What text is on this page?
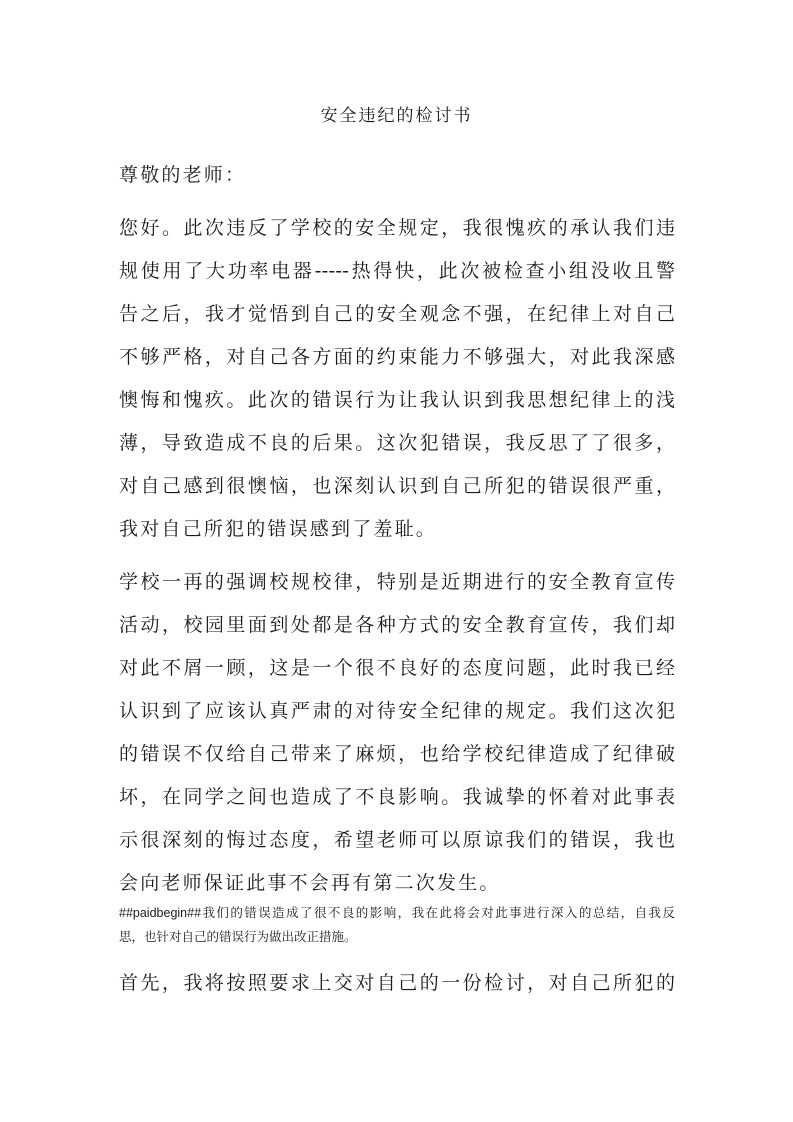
安全违纪的检讨书
尊敬的老师：
您好。此次违反了学校的安全规定，我很愧疚的承认我们违
规使用了大功率电器-----热得快，此次被检查小组没收且警
告之后，我才觉悟到自己的安全观念不强，在纪律上对自己
不够严格，对自己各方面的约束能力不够强大，对此我深感
懊悔和愧疚。此次的错误行为让我认识到我思想纪律上的浅
薄，导致造成不良的后果。这次犯错误，我反思了了很多，
对自己感到很懊恼，也深刻认识到自己所犯的错误很严重，
我对自己所犯的错误感到了羞耻。
学校一再的强调校规校律，特别是近期进行的安全教育宣传
活动，校园里面到处都是各种方式的安全教育宣传，我们却
对此不屑一顾，这是一个很不良好的态度问题，此时我已经
认识到了应该认真严肃的对待安全纪律的规定。我们这次犯
的错误不仅给自己带来了麻烦，也给学校纪律造成了纪律破
坏，在同学之间也造成了不良影响。我诚挚的怀着对此事表
示很深刻的悔过态度，希望老师可以原谅我们的错误，我也
会向老师保证此事不会再有第二次发生。
##paidbegin##我们的错误造成了很不良的影响，我在此将会对此事进行深入的总结，自我反
思，也针对自己的错误行为做出改正措施。
首先，我将按照要求上交对自己的一份检讨，对自己所犯的
